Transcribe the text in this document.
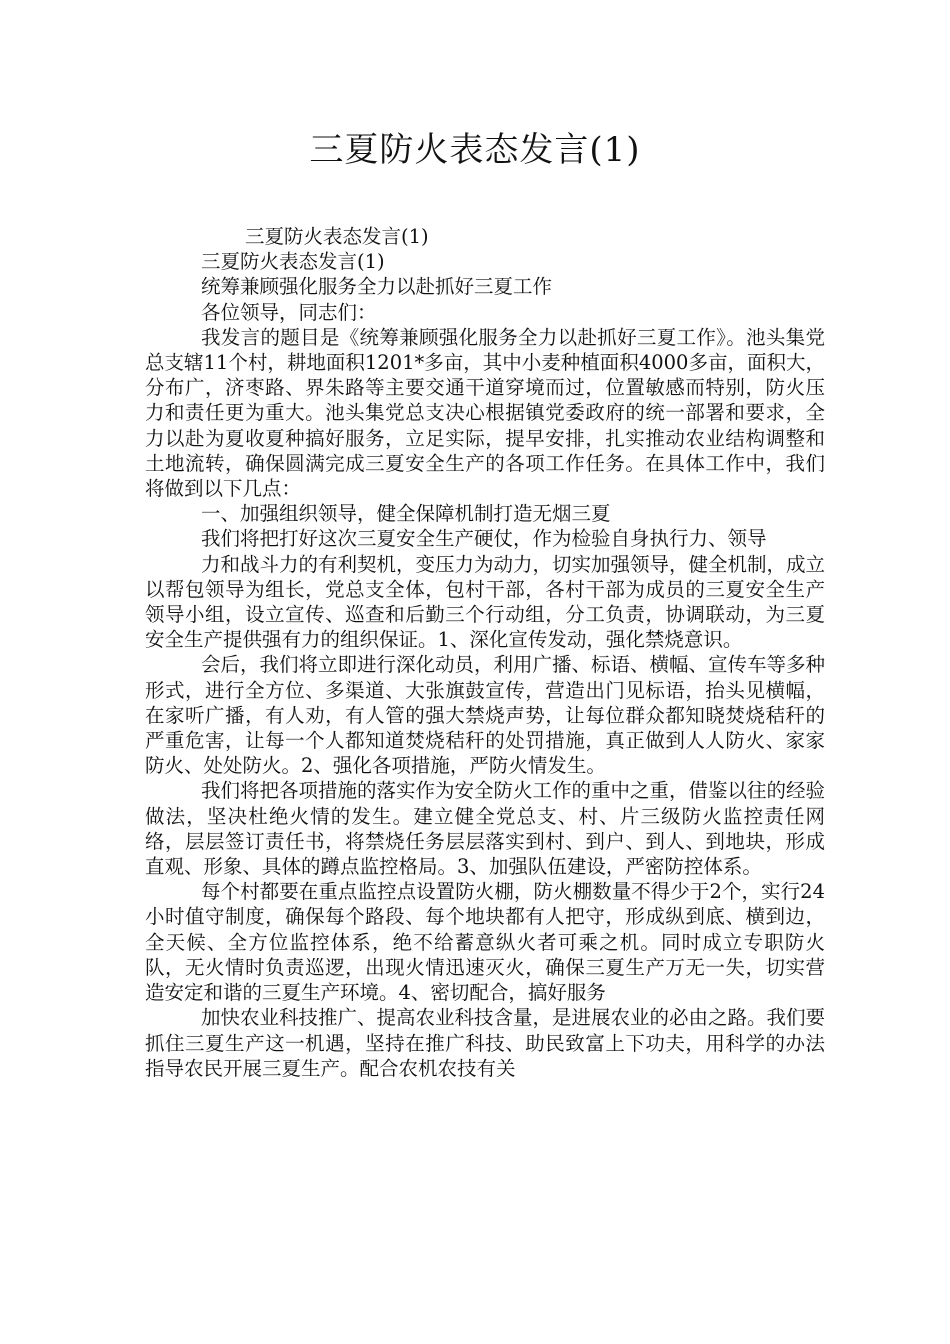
三夏防火表态发言(1)

三夏防火表态发言(1)

三夏防火表态发言(1)

统筹兼顾强化服务全力以赴抓好三夏工作

各位领导，同志们：

我发言的题目是《统筹兼顾强化服务全力以赴抓好三夏工作》。池头集党总支辖11个村，耕地面积1201*多亩，其中小麦种植面积4000多亩，面积大，分布广，济枣路、界朱路等主要交通干道穿境而过，位置敏感而特别，防火压力和责任更为重大。池头集党总支决心根据镇党委政府的统一部署和要求，全力以赴为夏收夏种搞好服务，立足实际，提早安排，扎实推动农业结构调整和土地流转，确保圆满完成三夏安全生产的各项工作任务。在具体工作中，我们将做到以下几点：

一、加强组织领导，健全保障机制打造无烟三夏

我们将把打好这次三夏安全生产硬仗，作为检验自身执行力、领导

力和战斗力的有利契机，变压力为动力，切实加强领导，健全机制，成立以帮包领导为组长，党总支全体，包村干部，各村干部为成员的三夏安全生产领导小组，设立宣传、巡查和后勤三个行动组，分工负责，协调联动，为三夏安全生产提供强有力的组织保证。1、深化宣传发动，强化禁烧意识。

会后，我们将立即进行深化动员，利用广播、标语、横幅、宣传车等多种形式，进行全方位、多渠道、大张旗鼓宣传，营造出门见标语，抬头见横幅，在家听广播，有人劝，有人管的强大禁烧声势，让每位群众都知晓焚烧秸秆的严重危害，让每一个人都知道焚烧秸秆的处罚措施，真正做到人人防火、家家防火、处处防火。2、强化各项措施，严防火情发生。

我们将把各项措施的落实作为安全防火工作的重中之重，借鉴以往的经验做法，坚决杜绝火情的发生。建立健全党总支、村、片三级防火监控责任网络，层层签订责任书，将禁烧任务层层落实到村、到户、到人、到地块，形成直观、形象、具体的蹲点监控格局。3、加强队伍建设，严密防控体系。

每个村都要在重点监控点设置防火棚，防火棚数量不得少于2个，实行24小时值守制度，确保每个路段、每个地块都有人把守，形成纵到底、横到边，全天候、全方位监控体系，绝不给蓄意纵火者可乘之机。同时成立专职防火队，无火情时负责巡逻，出现火情迅速灭火，确保三夏生产万无一失，切实营造安定和谐的三夏生产环境。4、密切配合，搞好服务

加快农业科技推广、提高农业科技含量，是进展农业的必由之路。我们要抓住三夏生产这一机遇，坚持在推广科技、助民致富上下功夫，用科学的办法指导农民开展三夏生产。配合农机农技有关
